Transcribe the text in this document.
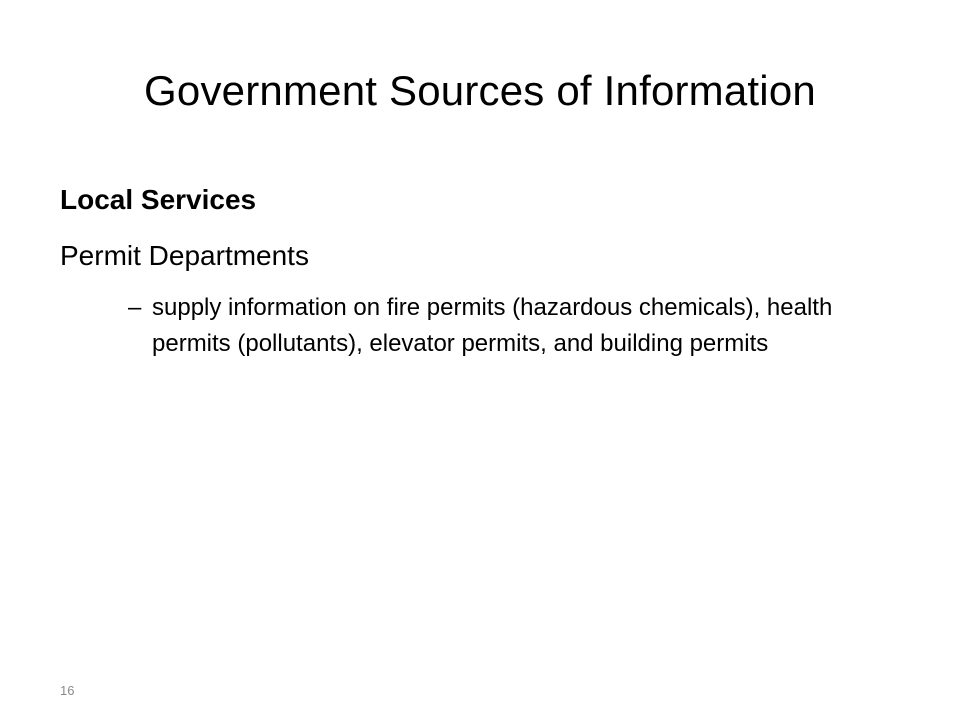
Government Sources of Information
Local Services
Permit Departments
– supply information on fire permits (hazardous chemicals), health permits (pollutants), elevator permits, and building permits
16
